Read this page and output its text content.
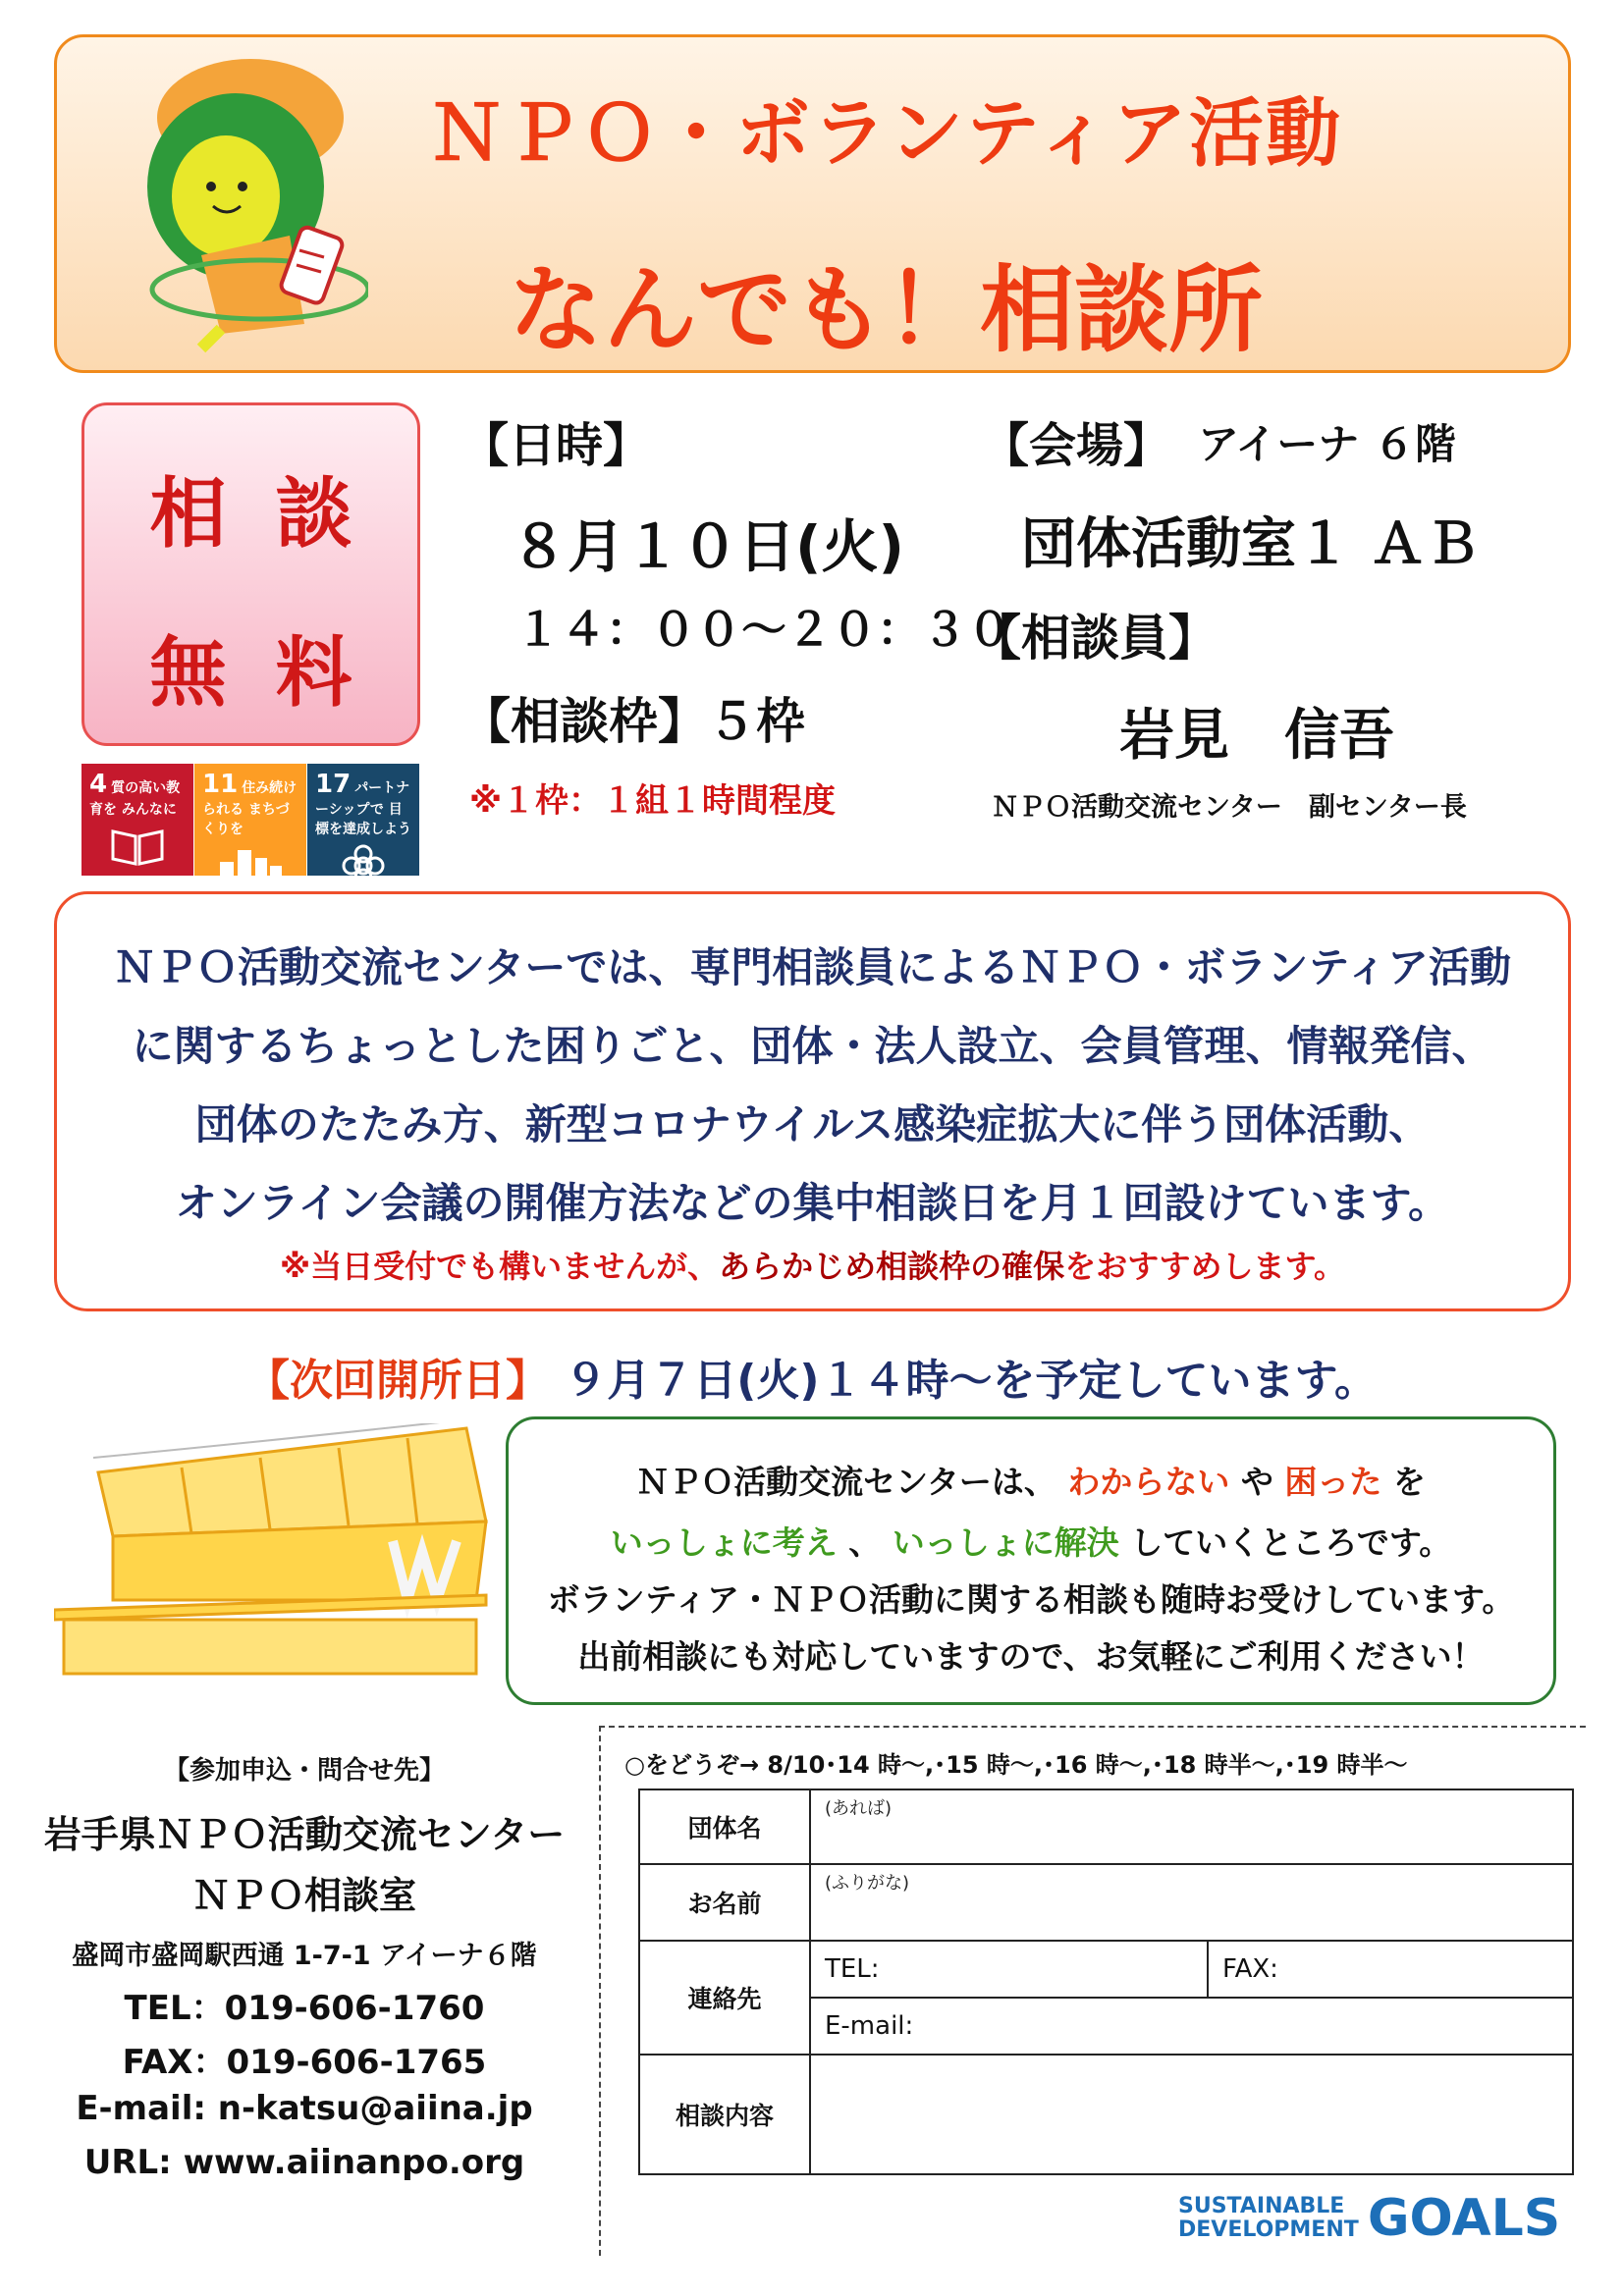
ＮＰＯ・ボランティア活動
なんでも！相談所
相談
無料
4 質の高い教育を みんなに
11 住み続けられる まちづくりを
17 パートナーシップで 目標を達成しよう
【日時】
８月１０日(火)
１４：００～２０：３０
【相談枠】５枠
※１枠：１組１時間程度
【会場】 アイーナ ６階
団体活動室１ ＡＢ
【相談員】
岩見　信吾
ＮＰＯ活動交流センター　副センター長
ＮＰＯ活動交流センターでは、専門相談員によるＮＰＯ・ボランティア活動
に関するちょっとした困りごと、団体・法人設立、会員管理、情報発信、
団体のたたみ方、新型コロナウイルス感染症拡大に伴う団体活動、
オンライン会議の開催方法などの集中相談日を月１回設けています。
※当日受付でも構いませんが、あらかじめ相談枠の確保をおすすめします。
【次回開所日】 ９月７日(火)１４時～を予定しています。
ＮＰＯ活動交流センターは、 わからない や 困った を
いっしょに考え 、 いっしょに解決 していくところです。
ボランティア・ＮＰＯ活動に関する相談も随時お受けしています。
出前相談にも対応していますので、お気軽にご利用ください！
【参加申込・問合せ先】
岩手県ＮＰＯ活動交流センター
ＮＰＯ相談室
盛岡市盛岡駅西通 1-7-1 アイーナ６階
TEL：019-606-1760
FAX：019-606-1765
E-mail: n-katsu@aiina.jp
URL: www.aiinanpo.org
○をどうぞ→ 8/10･14 時～,･15 時～,･16 時～,･18 時半～,･19 時半～
団体名	(あれば)	
お名前	(ふりがな)	
連絡先	TEL:	FAX:
	E-mail:	
相談内容		
SUSTAINABLE
DEVELOPMENT GOALS
